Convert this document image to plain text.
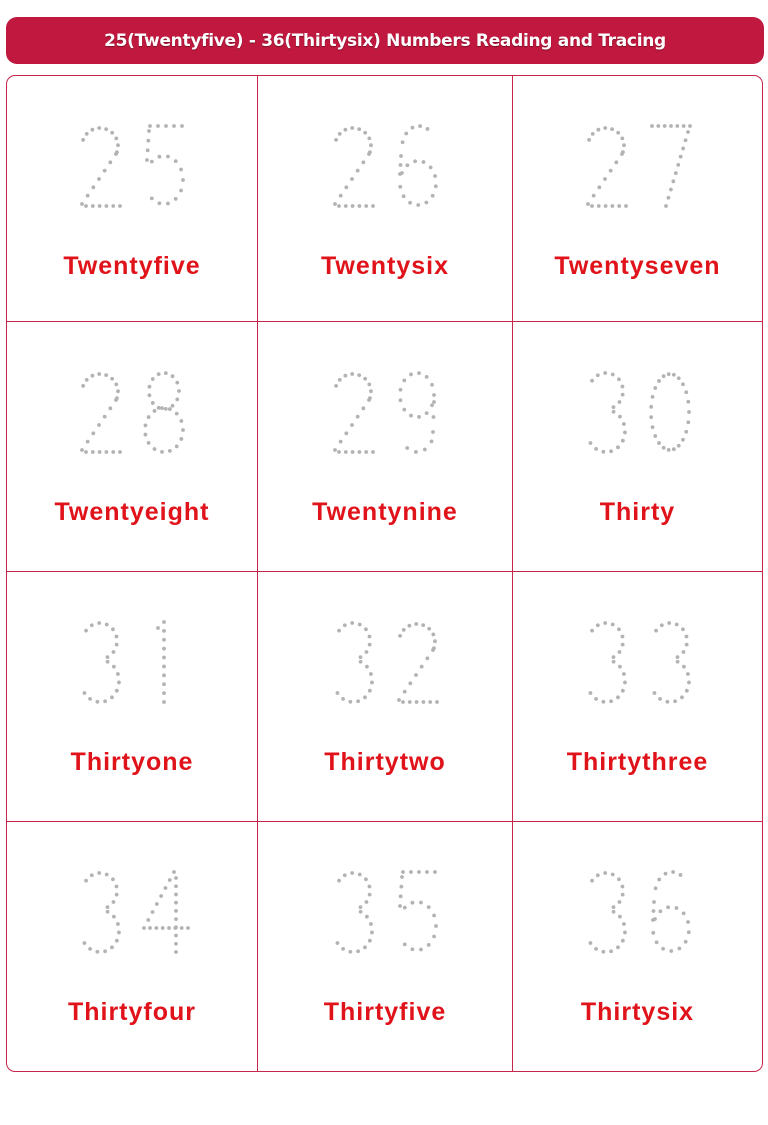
25(Twentyfive) - 36(Thirtysix) Numbers Reading and Tracing
Twentyfive	Twentysix	Twentyseven
Twentyeight	Twentynine	Thirty
Thirtyone	Thirtytwo	Thirtythree
Thirtyfour	Thirtyfive	Thirtysix
